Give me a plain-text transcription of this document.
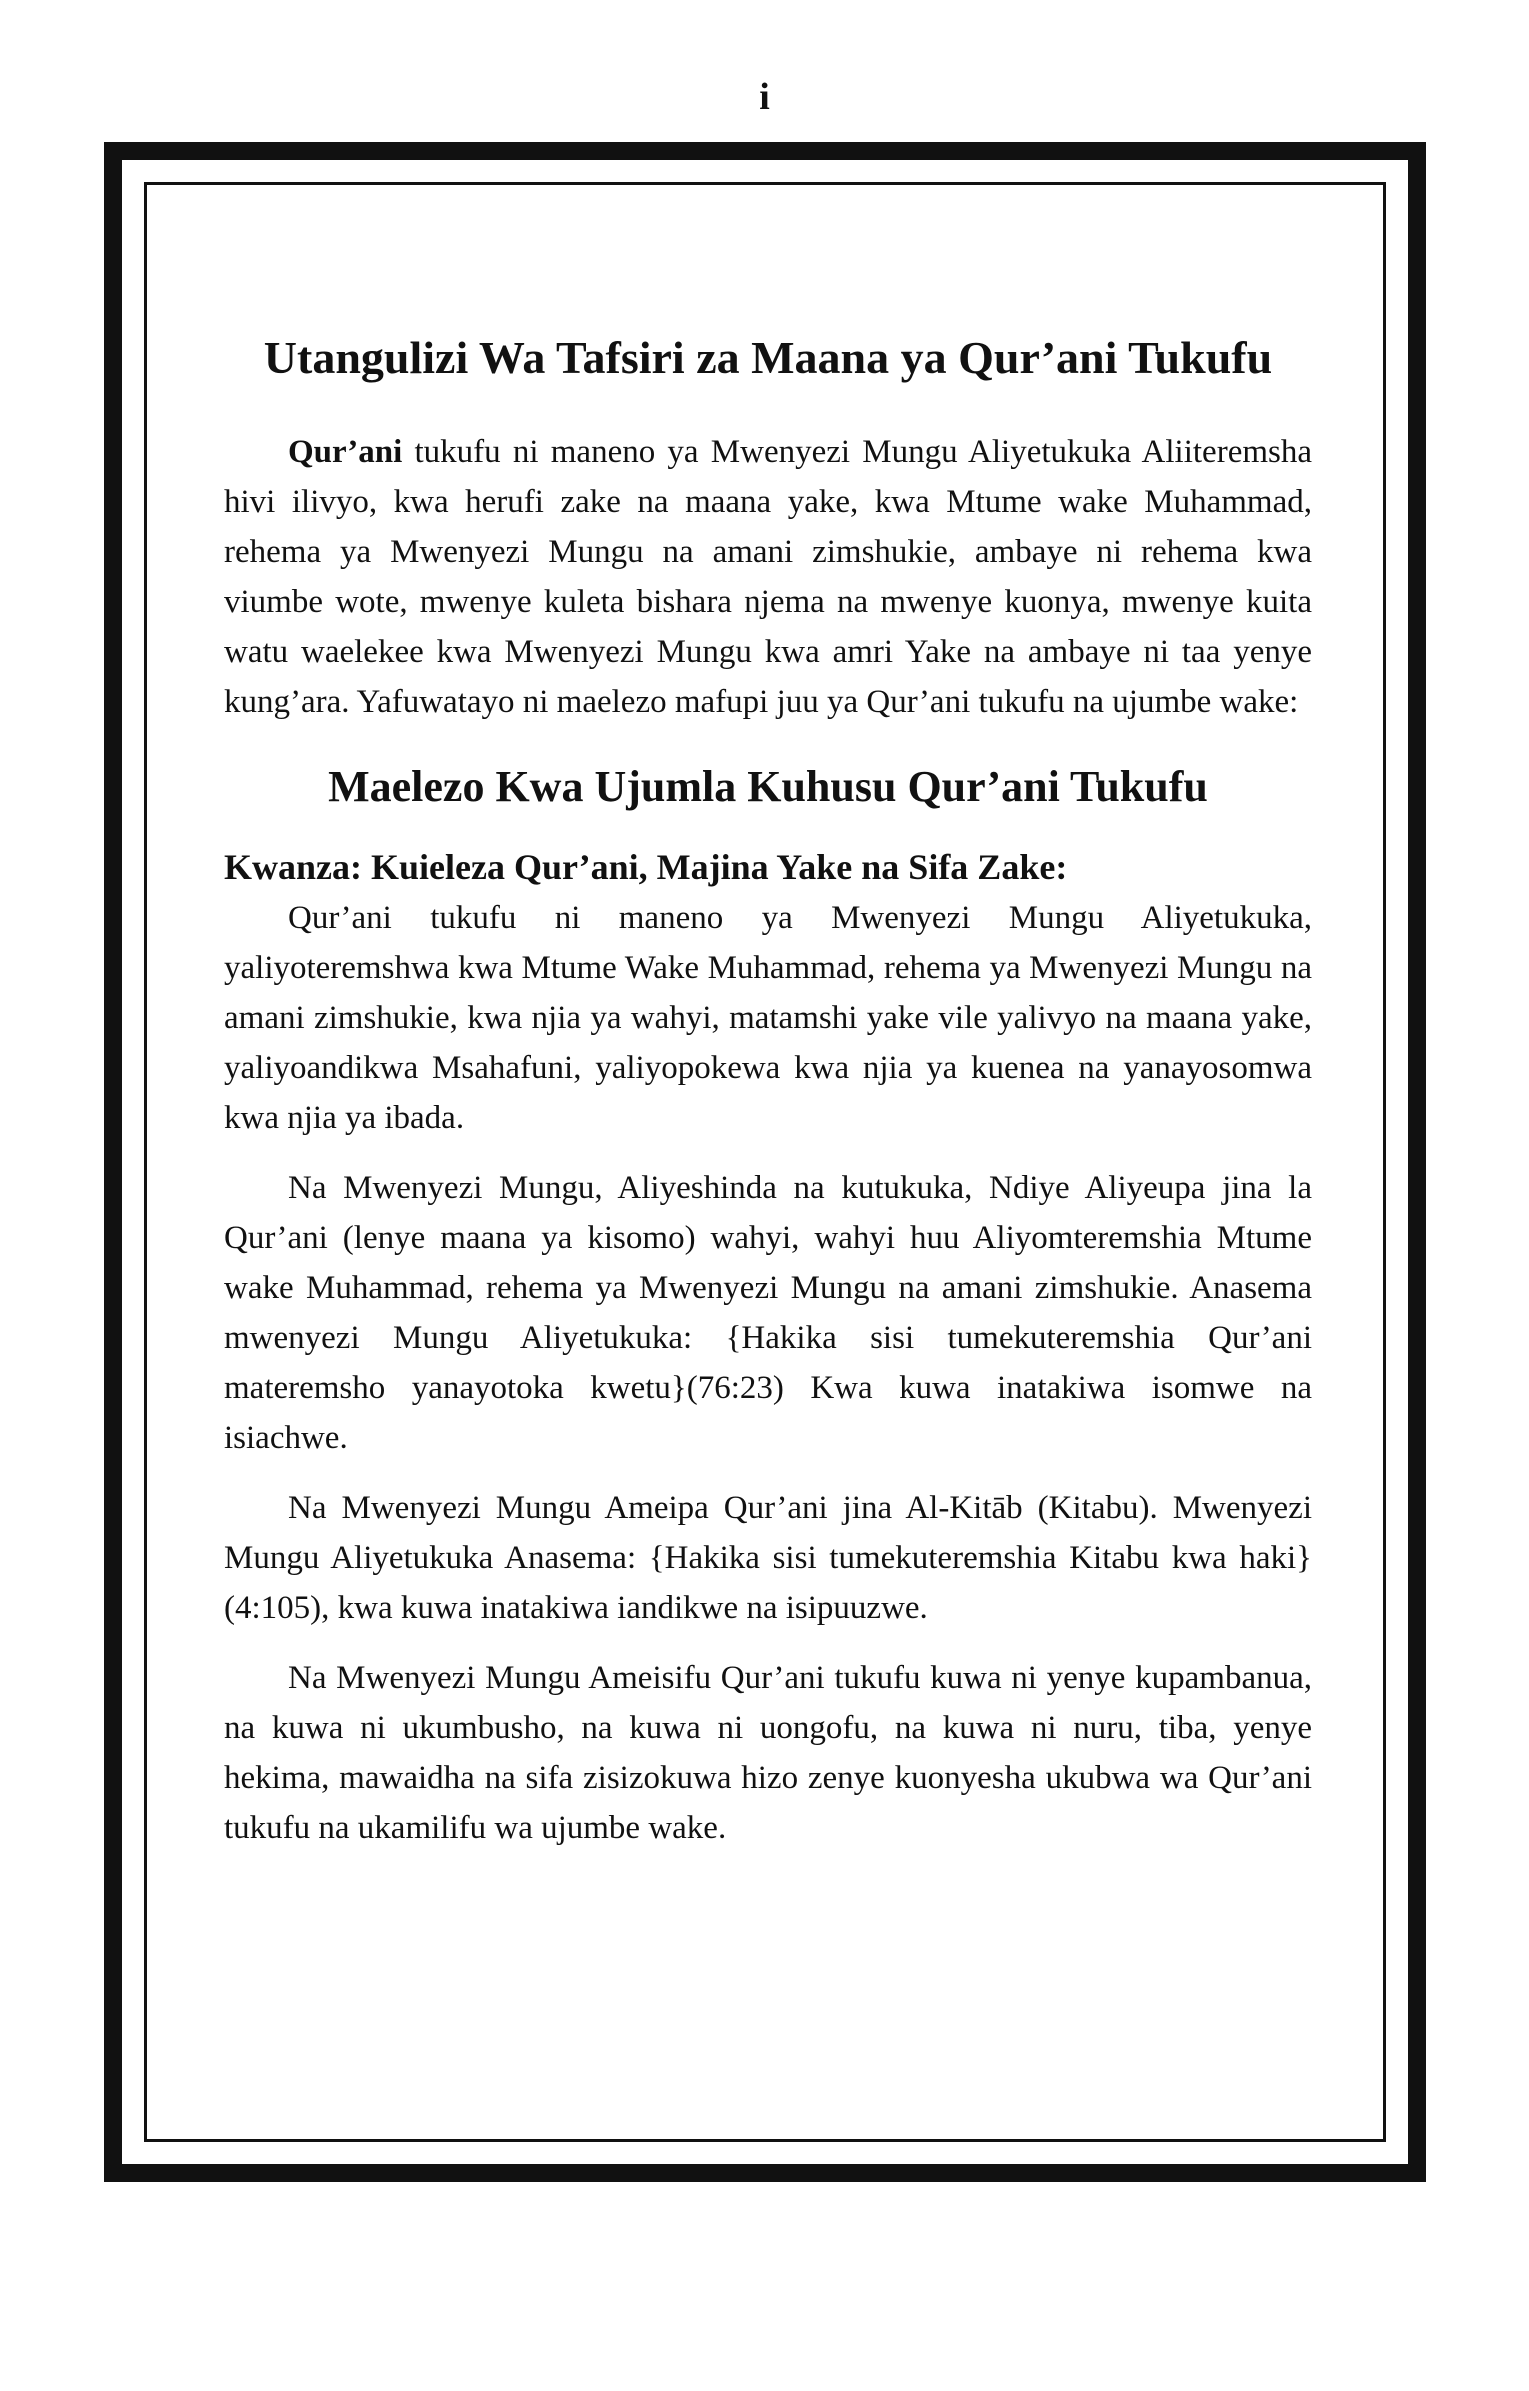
i
Utangulizi Wa Tafsiri za Maana ya Qur’ani Tukufu

Qur’ani tukufu ni maneno ya Mwenyezi Mungu Aliyetukuka Aliiteremsha hivi ilivyo, kwa herufi zake na maana yake, kwa Mtume wake Muhammad, rehema ya Mwenyezi Mungu na amani zimshukie, ambaye ni rehema kwa viumbe wote, mwenye kuleta bishara njema na mwenye kuonya, mwenye kuita watu waelekee kwa Mwenyezi Mungu kwa amri Yake na ambaye ni taa yenye kung’ara. Yafuwatayo ni maelezo mafupi juu ya Qur’ani tukufu na ujumbe wake:

Maelezo Kwa Ujumla Kuhusu Qur’ani Tukufu
Kwanza: Kuieleza Qur’ani, Majina Yake na Sifa Zake:

Qur’ani tukufu ni maneno ya Mwenyezi Mungu Aliyetukuka, yaliyoteremshwa kwa Mtume Wake Muhammad, rehema ya Mwenyezi Mungu na amani zimshukie, kwa njia ya wahyi, matamshi yake vile yalivyo na maana yake, yaliyoandikwa Msahafuni, yaliyopokewa kwa njia ya kuenea na yanayosomwa kwa njia ya ibada.

Na Mwenyezi Mungu, Aliyeshinda na kutukuka, Ndiye Aliyeupa jina la Qur’ani (lenye maana ya kisomo) wahyi, wahyi huu Aliyomteremshia Mtume wake Muhammad, rehema ya Mwenyezi Mungu na amani zimshukie. Anasema mwenyezi Mungu Aliyetukuka: {Hakika sisi tumekuteremshia Qur’ani materemsho yanayotoka kwetu}(76:23) Kwa kuwa inatakiwa isomwe na isiachwe.

Na Mwenyezi Mungu Ameipa Qur’ani jina Al-Kitāb (Kitabu). Mwenyezi Mungu Aliyetukuka Anasema: {Hakika sisi tumekuteremshia Kitabu kwa haki} (4:105), kwa kuwa inatakiwa iandikwe na isipuuzwe.

Na Mwenyezi Mungu Ameisifu Qur’ani tukufu kuwa ni yenye kupambanua, na kuwa ni ukumbusho, na kuwa ni uongofu, na kuwa ni nuru, tiba, yenye hekima, mawaidha na sifa zisizokuwa hizo zenye kuonyesha ukubwa wa Qur’ani tukufu na ukamilifu wa ujumbe wake.
